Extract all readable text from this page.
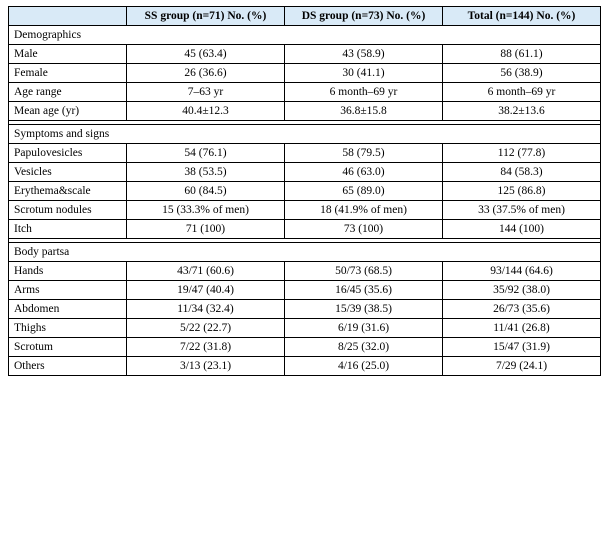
	SS group (n=71) No. (%)	DS group (n=73) No. (%)	Total (n=144) No. (%)
Demographics			
Male	45 (63.4)	43 (58.9)	88 (61.1)
Female	26 (36.6)	30 (41.1)	56 (38.9)
Age range	7–63 yr	6 month–69 yr	6 month–69 yr
Mean age (yr)	40.4±12.3	36.8±15.8	38.2±13.6

Symptoms and signs			
Papulovesicles	54 (76.1)	58 (79.5)	112 (77.8)
Vesicles	38 (53.5)	46 (63.0)	84 (58.3)
Erythema&scale	60 (84.5)	65 (89.0)	125 (86.8)
Scrotum nodules	15 (33.3% of men)	18 (41.9% of men)	33 (37.5% of men)
Itch	71 (100)	73 (100)	144 (100)

Body partsa			
Hands	43/71 (60.6)	50/73 (68.5)	93/144 (64.6)
Arms	19/47 (40.4)	16/45 (35.6)	35/92 (38.0)
Abdomen	11/34 (32.4)	15/39 (38.5)	26/73 (35.6)
Thighs	5/22 (22.7)	6/19 (31.6)	11/41 (26.8)
Scrotum	7/22 (31.8)	8/25 (32.0)	15/47 (31.9)
Others	3/13 (23.1)	4/16 (25.0)	7/29 (24.1)
